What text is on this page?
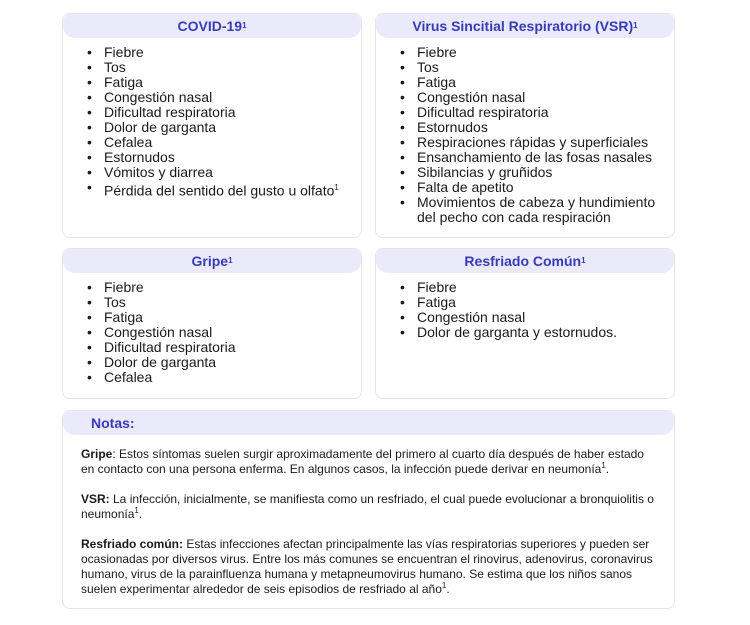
COVID-19 1
• Fiebre
• Tos
• Fatiga
• Congestión nasal
• Dificultad respiratoria
• Dolor de garganta
• Cefalea
• Estornudos
• Vómitos y diarrea
• Pérdida del sentido del gusto u olfato$^1$
Virus Sincitial Respiratorio (VSR) 1
• Fiebre
• Tos
• Fatiga
• Congestión nasal
• Dificultad respiratoria
• Estornudos
• Respiraciones rápidas y superficiales
• Ensanchamiento de las fosas nasales
• Sibilancias y gruñidos
• Falta de apetito
• Movimientos de cabeza y hundimiento del pecho con cada respiración
Gripe 1
• Fiebre
• Tos
• Fatiga
• Congestión nasal
• Dificultad respiratoria
• Dolor de garganta
• Cefalea
Resfriado Común 1
• Fiebre
• Fatiga
• Congestión nasal
• Dolor de garganta y estornudos.
Notas:

Gripe: Estos síntomas suelen surgir aproximadamente del primero al cuarto día después de haber estado en contacto con una persona enferma. En algunos casos, la infección puede derivar en neumonía$^1$.

VSR: La infección, inicialmente, se manifiesta como un resfriado, el cual puede evolucionar a bronquiolitis o neumonía$^1$.

Resfriado común: Estas infecciones afectan principalmente las vías respiratorias superiores y pueden ser ocasionadas por diversos virus. Entre los más comunes se encuentran el rinovirus, adenovirus, coronavirus humano, virus de la parainfluenza humana y metapneumovirus humano. Se estima que los niños sanos suelen experimentar alrededor de seis episodios de resfriado al año$^1$.
